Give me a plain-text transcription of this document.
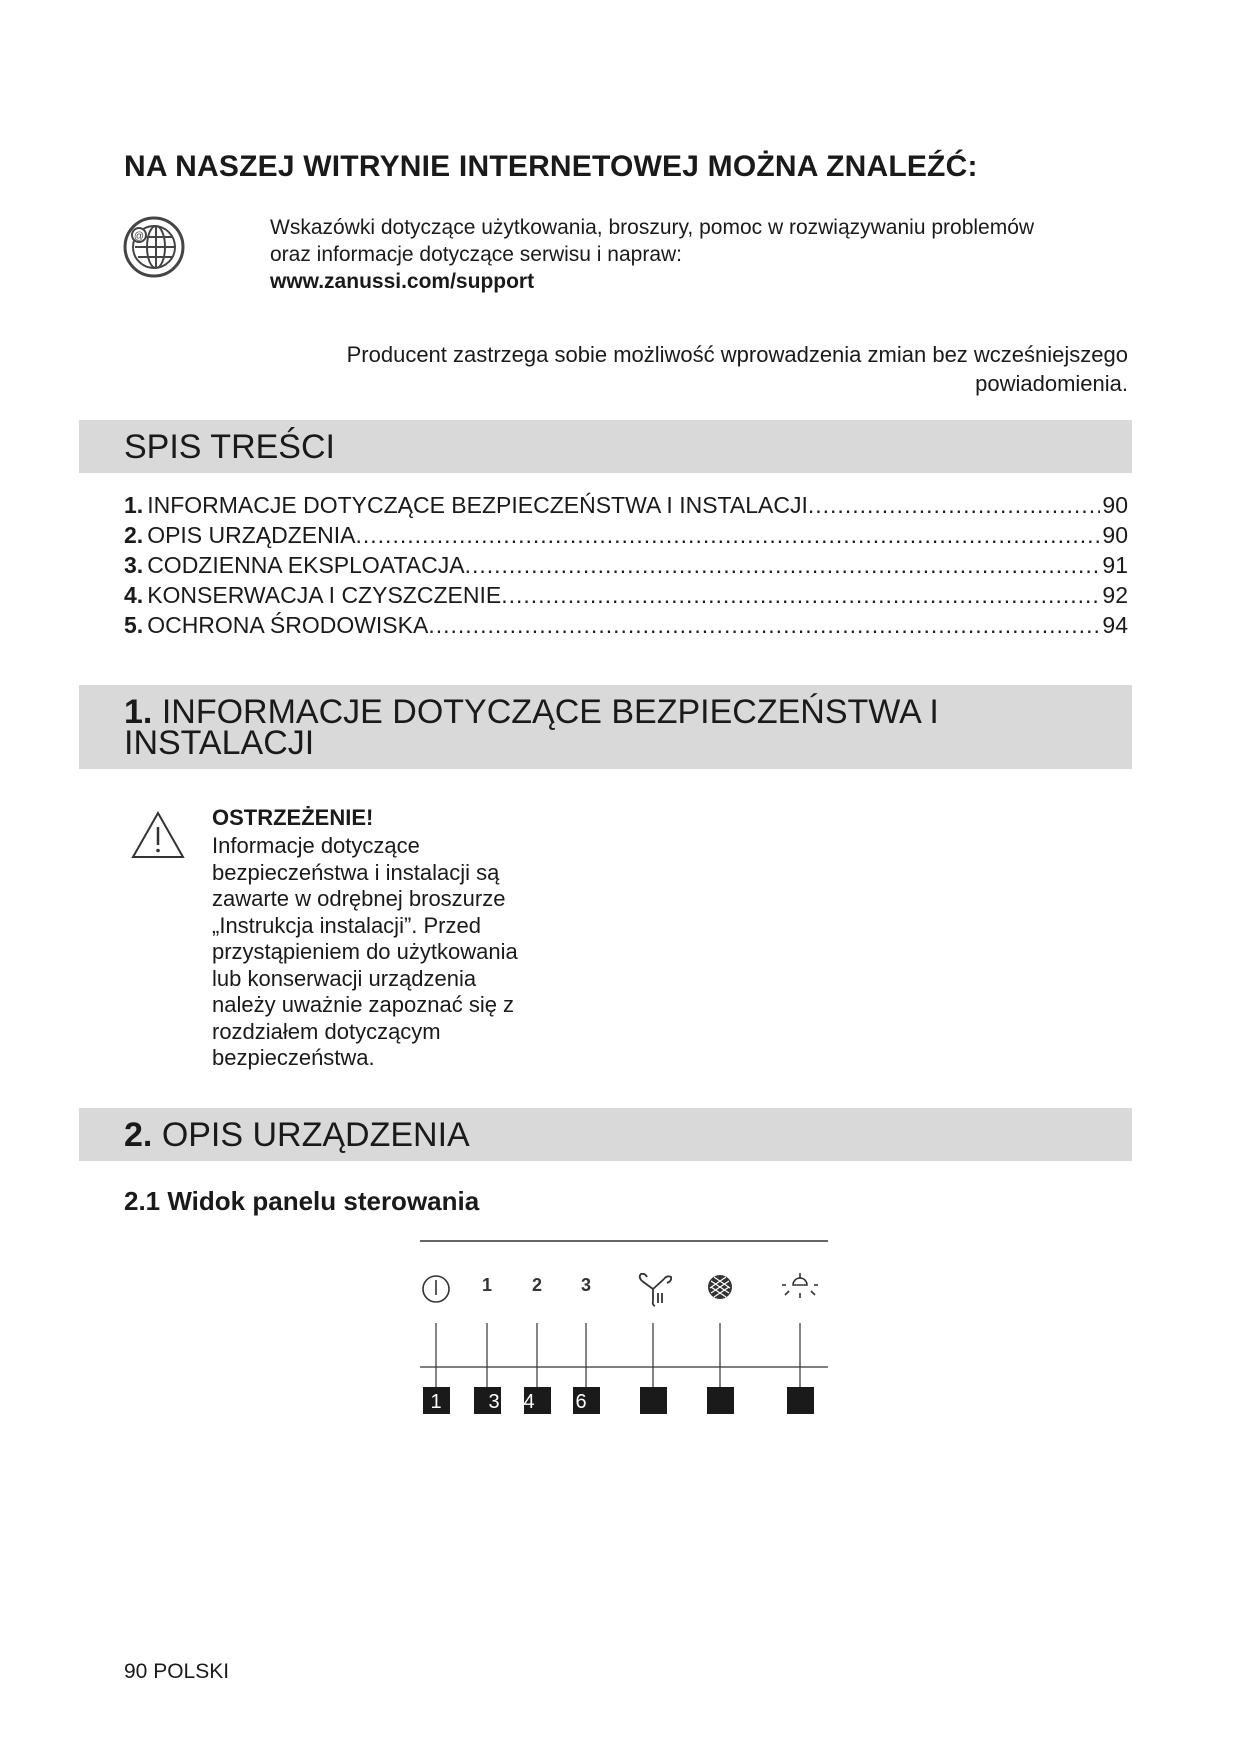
NA NASZEJ WITRYNIE INTERNETOWEJ MOŻNA ZNALEŹĆ:
@	Wskazówki dotyczące użytkowania, broszury, pomoc w rozwiązywaniu problemów
oraz informacje dotyczące serwisu i napraw:
www.zanussi.com/support
Producent zastrzega sobie możliwość wprowadzenia zmian bez wcześniejszego
powiadomienia.
SPIS TREŚCI
1. INFORMACJE DOTYCZĄCE BEZPIECZEŃSTWA I INSTALACJI .....	90
2. OPIS URZĄDZENIA .....	90
3. CODZIENNA EKSPLOATACJA .....	91
4. KONSERWACJA I CZYSZCZENIE .....	92
5. OCHRONA ŚRODOWISKA .....	94
1. INFORMACJE DOTYCZĄCE BEZPIECZEŃSTWA I
INSTALACJI
OSTRZEŻENIE!
Informacje dotyczące
bezpieczeństwa i instalacji są
zawarte w odrębnej broszurze
„Instrukcja instalacji”. Przed
przystąpieniem do użytkowania
lub konserwacji urządzenia
należy uważnie zapoznać się z
rozdziałem dotyczącym
bezpieczeństwa.
2. OPIS URZĄDZENIA
2.1 Widok panelu sterowania
1 2 3
1 3 4 6
90 POLSKI
